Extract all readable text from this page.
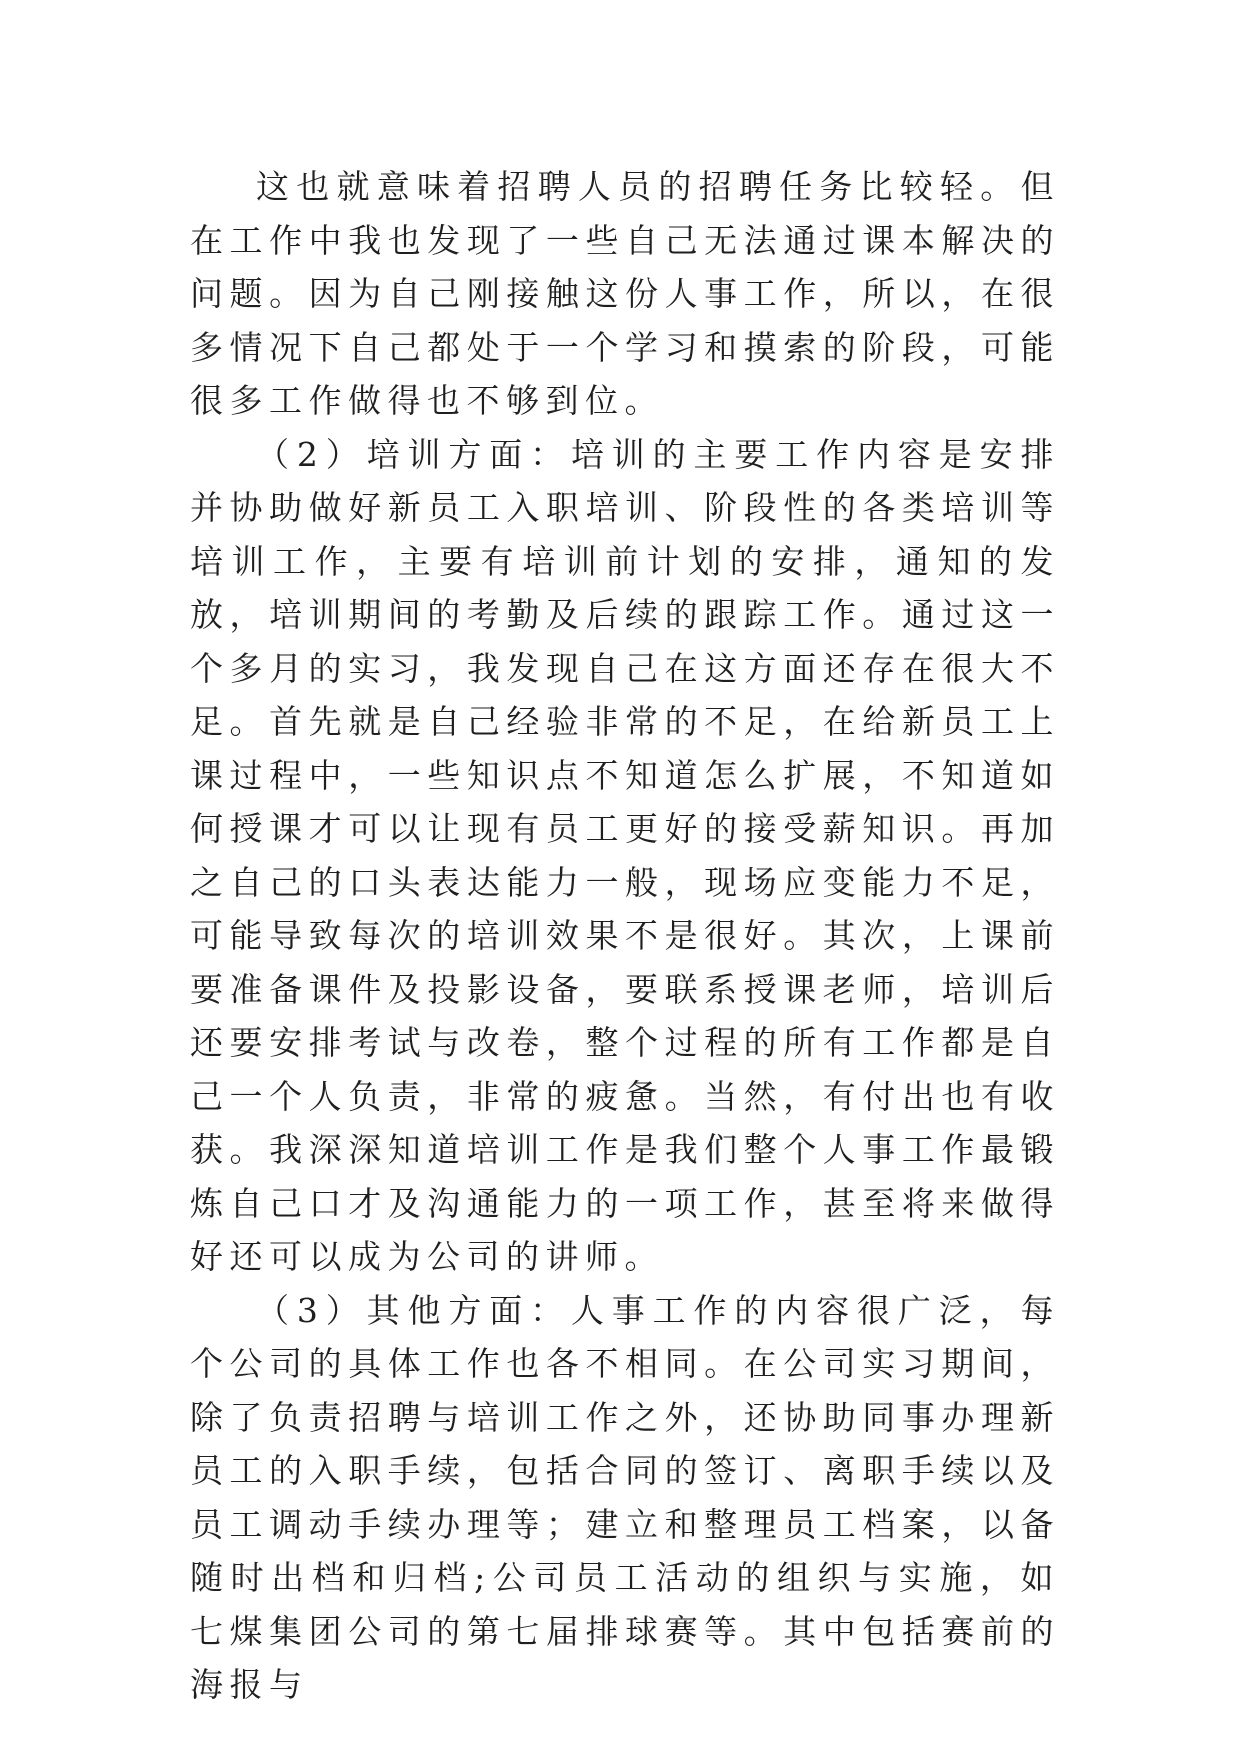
这也就意味着招聘人员的招聘任务比较轻。但在工作中我也发现了一些自己无法通过课本解决的问题。因为自己刚接触这份人事工作，所以，在很多情况下自己都处于一个学习和摸索的阶段，可能很多工作做得也不够到位。

（2）培训方面：培训的主要工作内容是安排并协助做好新员工入职培训、阶段性的各类培训等培训工作，主要有培训前计划的安排，通知的发放，培训期间的考勤及后续的跟踪工作。通过这一个多月的实习，我发现自己在这方面还存在很大不足。首先就是自己经验非常的不足，在给新员工上课过程中，一些知识点不知道怎么扩展，不知道如何授课才可以让现有员工更好的接受薪知识。再加之自己的口头表达能力一般，现场应变能力不足，可能导致每次的培训效果不是很好。其次，上课前要准备课件及投影设备，要联系授课老师，培训后还要安排考试与改卷，整个过程的所有工作都是自己一个人负责，非常的疲惫。当然，有付出也有收获。我深深知道培训工作是我们整个人事工作最锻炼自己口才及沟通能力的一项工作，甚至将来做得好还可以成为公司的讲师。

（3）其他方面：人事工作的内容很广泛，每个公司的具体工作也各不相同。在公司实习期间，除了负责招聘与培训工作之外，还协助同事办理新员工的入职手续，包括合同的签订、离职手续以及员工调动手续办理等；建立和整理员工档案，以备随时出档和归档;公司员工活动的组织与实施，如七煤集团公司的第七届排球赛等。其中包括赛前的海报与
